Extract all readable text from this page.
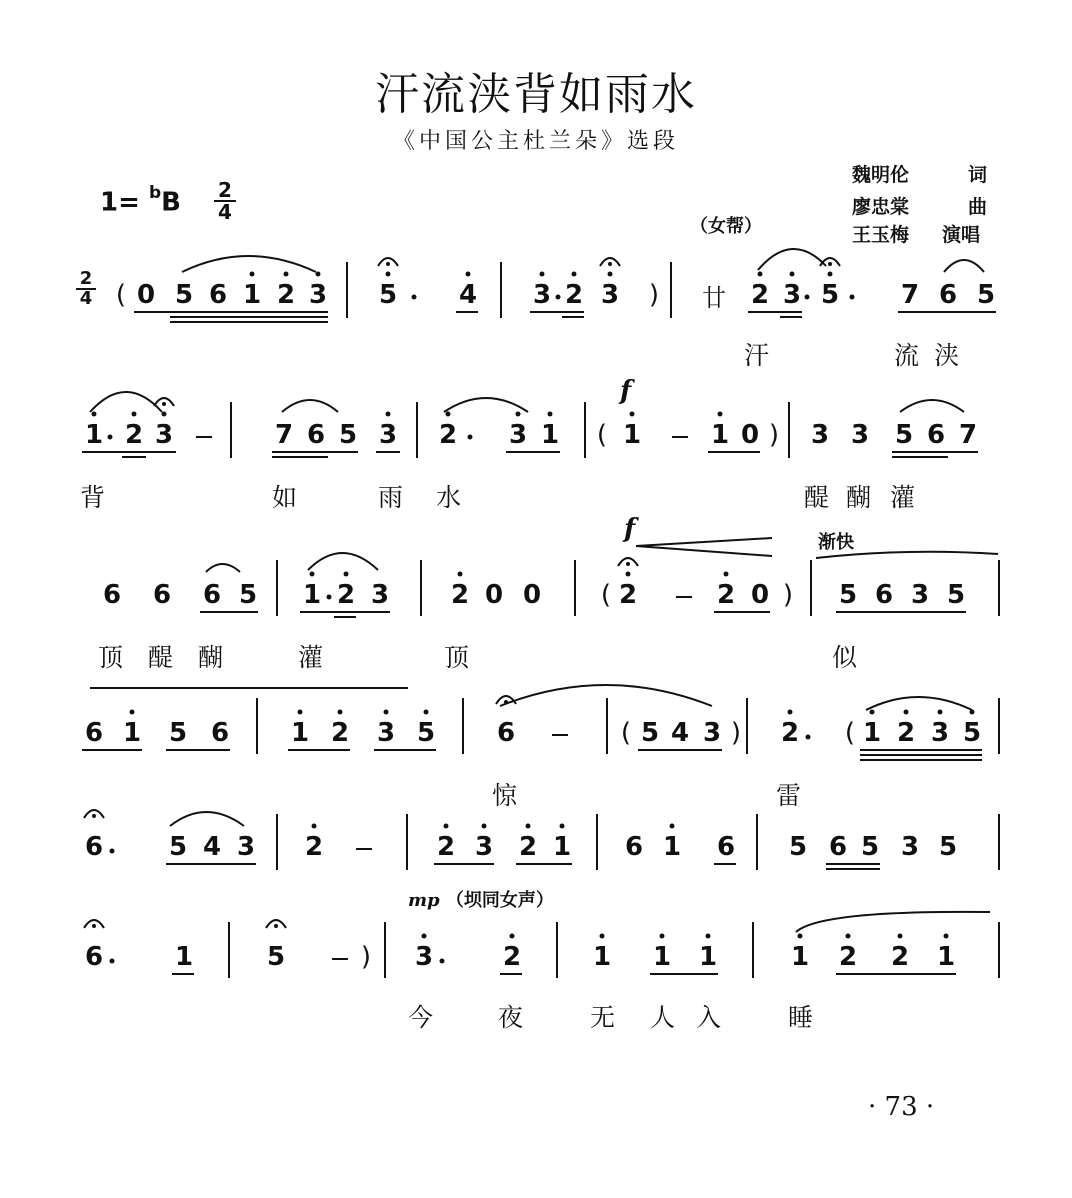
汗流浃背如雨水
《中国公主杜兰朵》选段
魏明伦	词
廖忠棠	曲
王玉梅 演唱
$1= ^bB \frac{2}{4}$
$\frac{2}{4}$
（女帮）
渐快
mp （坝同女声）
f
f
廿
( 0 5 6 1 2 3 5 4 3 2 3 )	2 3 5 7 6 5
1 2 3	7 6 5 3 2 3 1 ( 1	1 0 ) 3 3 5 6 7
6 6 6 5 1 2 3 2 0 0 ( 2	2 0 ) 5 6 3 5
6 1 5 6 1 2 3 5 6	( 5 4 3 ) 2 ( 1 2 3 5
6	5 4 3 2	2 3 2 1 6 1 6 5 6 5 3 5
6	1	5	) 3	2	1 1 1	1 2 2 1
汗	流 浃
背	如	雨 水	醍 醐 灌
顶 醍 醐	灌	顶	似
惊	雷
今	夜	无 人 入	睡
· 73 ·
